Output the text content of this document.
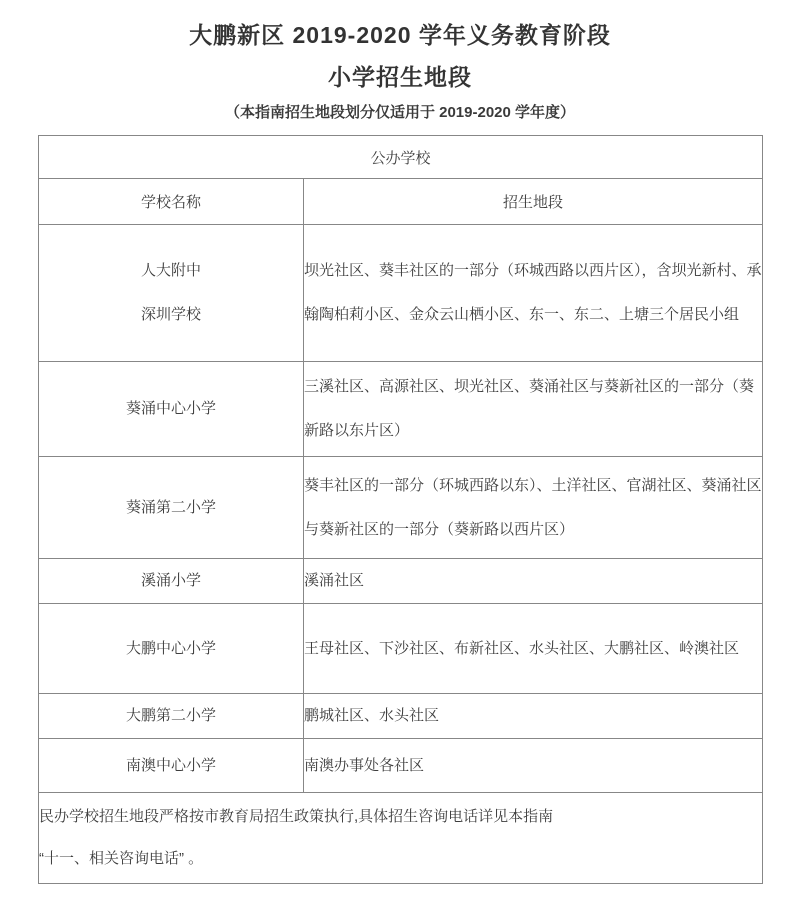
大鹏新区 2019-2020 学年义务教育阶段
小学招生地段
（本指南招生地段划分仅适用于 2019-2020 学年度）
公办学校	
学校名称	招生地段

人大附中
深圳学校	坝光社区、葵丰社区的一部分（环城西路以西片区），含坝光新村、承翰陶柏莉小区、金众云山栖小区、东一、东二、上塘三个居民小组
葵涌中心小学	三溪社区、高源社区、坝光社区、葵涌社区与葵新社区的一部分（葵新路以东片区）
葵涌第二小学	葵丰社区的一部分（环城西路以东）、土洋社区、官湖社区、葵涌社区与葵新社区的一部分（葵新路以西片区）
溪涌小学	溪涌社区
大鹏中心小学	王母社区、下沙社区、布新社区、水头社区、大鹏社区、岭澳社区
大鹏第二小学	鹏城社区、水头社区
南澳中心小学	南澳办事处各社区

民办学校招生地段严格按市教育局招生政策执行,具体招生咨询电话详见本指南
“十一、相关咨询电话” 。	
